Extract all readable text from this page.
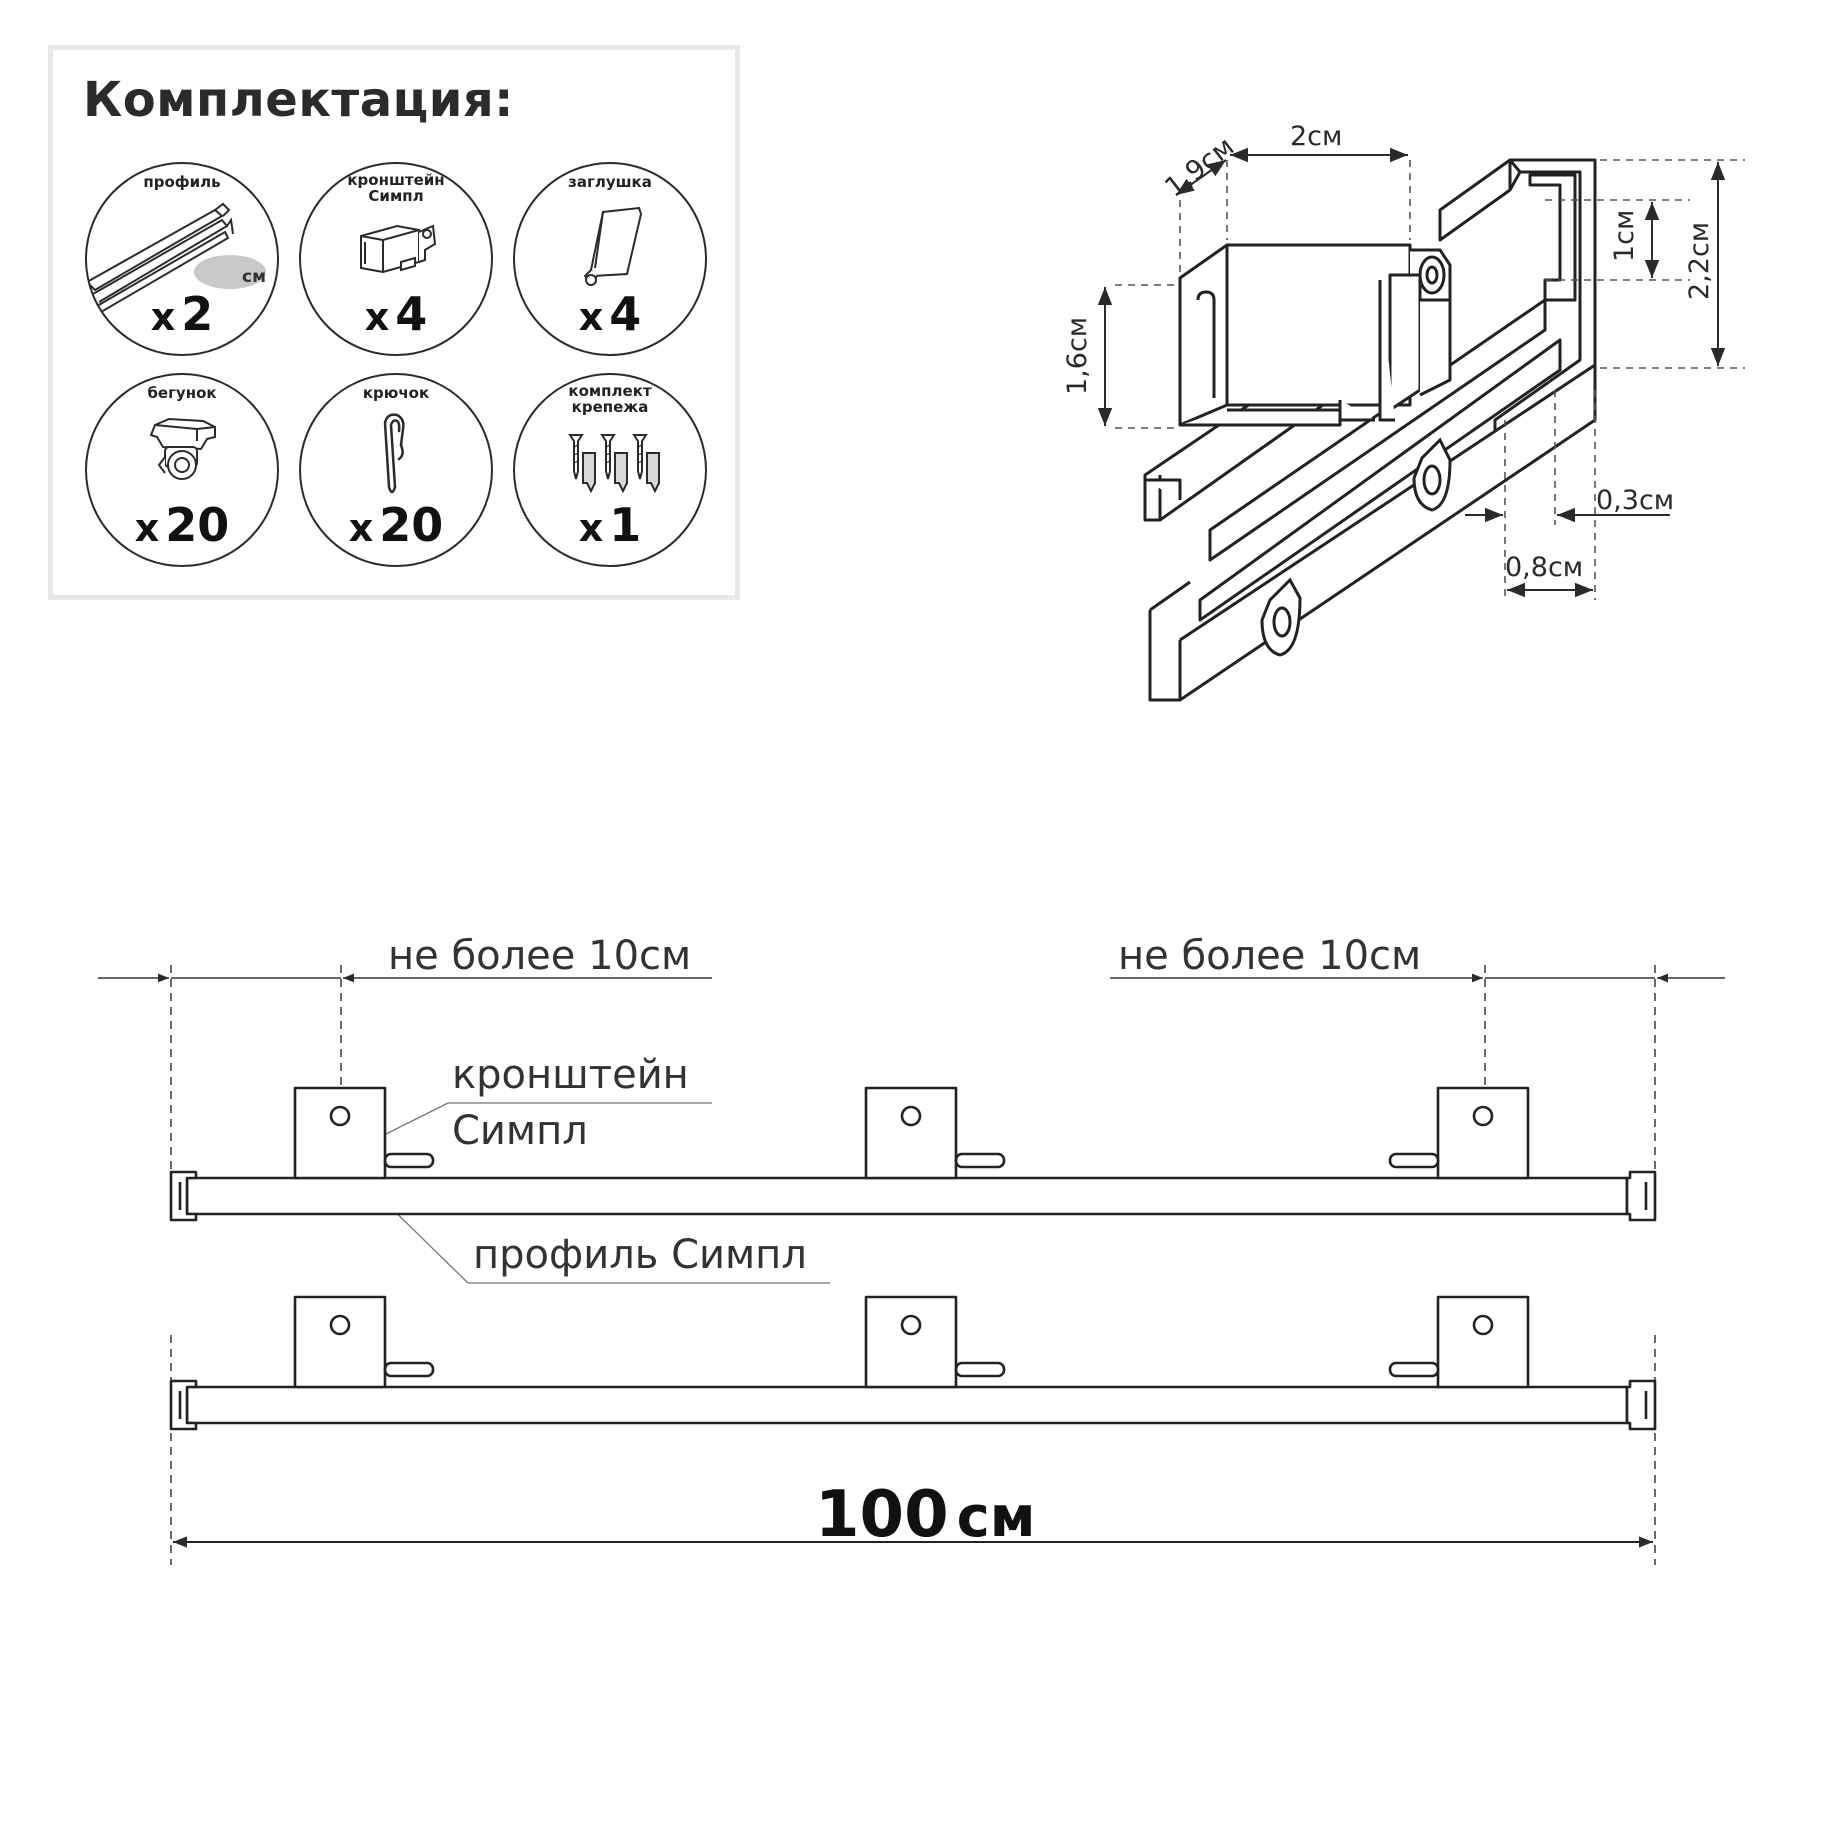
Комплектация:
профиль
см
x 2
кронштейн
Симпл
x 4
заглушка
x 4
бегунок
x 20
крючок
x 20
комплект
крепежа
x 1
2см
1,9см
1,6см
1см 2,2см
0,3см
0,8см
не более 10см	не более 10см
кронштейн
Симпл
профиль Симпл
100 см
